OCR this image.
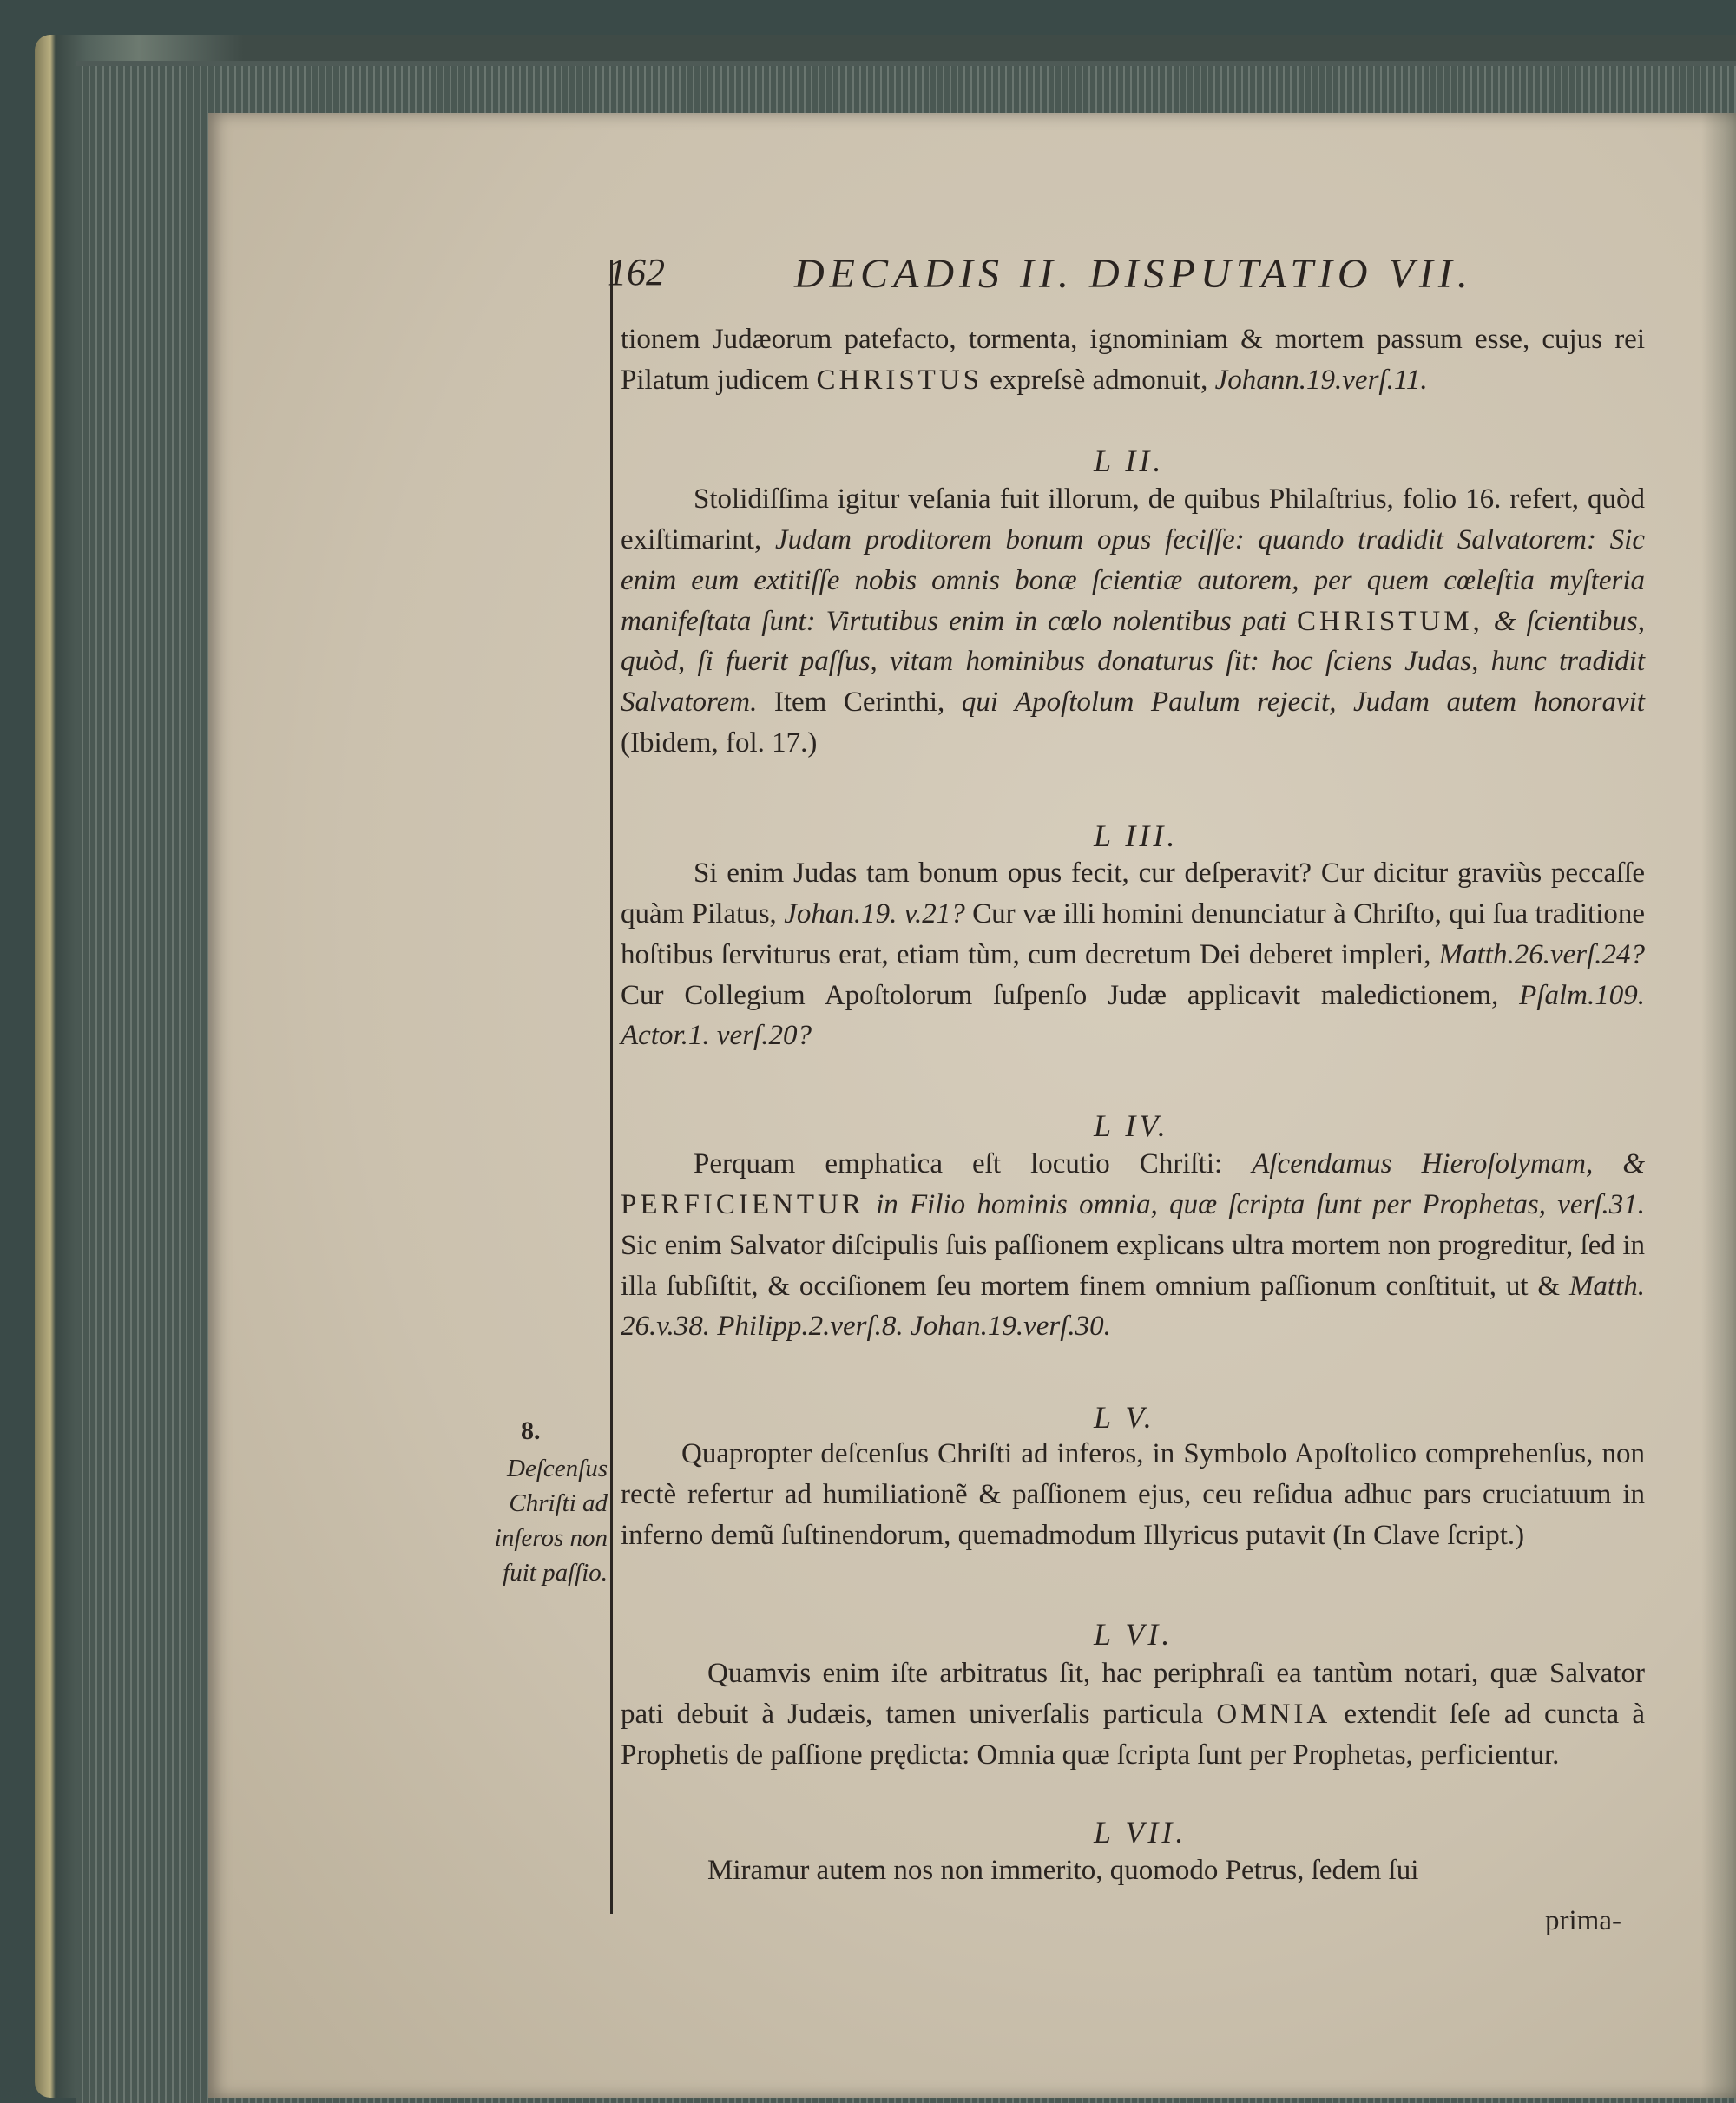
162	DECADIS II. DISPUTATIO VII.

tionem Judæorum patefacto, tormenta, ignominiam & mortem passum esse, cujus rei Pilatum judicem CHRISTUS expreſsè admonuit, Johann.19.verſ.11.

L II.

Stolidiſſima igitur veſania fuit illorum, de quibus Philaſtrius, folio 16. refert, quòd exiſtimarint, Judam proditorem bonum opus feciſſe: quando tradidit Salvatorem: Sic enim eum extitiſſe nobis omnis bonæ ſcientiæ autorem, per quem cœleſtia myſteria manifeſtata ſunt: Virtutibus enim in cœlo nolentibus pati CHRISTUM, & ſcientibus, quòd, ſi fuerit paſſus, vitam hominibus donaturus ſit: hoc ſciens Judas, hunc tradidit Salvatorem. Item Cerinthi, qui Apoſtolum Paulum rejecit, Judam autem honoravit (Ibidem, fol. 17.)

L III.

Si enim Judas tam bonum opus fecit, cur deſperavit? Cur dicitur graviùs peccaſſe quàm Pilatus, Johan.19. v.21? Cur væ illi homini denunciatur à Chriſto, qui ſua traditione hoſtibus ſerviturus erat, etiam tùm, cum decretum Dei deberet impleri, Matth.26.verſ.24? Cur Collegium Apoſtolorum ſuſpenſo Judæ applicavit maledictionem, Pſalm.109. Actor.1. verſ.20?

L IV.

Perquam emphatica eſt locutio Chriſti: Aſcendamus Hieroſolymam, & PERFICIENTUR in Filio hominis omnia, quæ ſcripta ſunt per Prophetas, verſ.31. Sic enim Salvator diſcipulis ſuis paſſionem explicans ultra mortem non progreditur, ſed in illa ſubſiſtit, & occiſionem ſeu mortem finem omnium paſſionum conſtituit, ut & Matth. 26.v.38. Philipp.2.verſ.8. Johan.19.verſ.30.

8.

Deſcenſus Chriſti ad inferos non fuit paſſio.

L V.

Quapropter deſcenſus Chriſti ad inferos, in Symbolo Apoſtolico comprehenſus, non rectè refertur ad humiliationẽ & paſſionem ejus, ceu reſidua adhuc pars cruciatuum in inferno demũ ſuſtinendorum, quemadmodum Illyricus putavit (In Clave ſcript.)

L VI.

Quamvis enim iſte arbitratus ſit, hac periphraſi ea tantùm notari, quæ Salvator pati debuit à Judæis, tamen univerſalis particula OMNIA extendit ſeſe ad cuncta à Prophetis de paſſione prędicta: Omnia quæ ſcripta ſunt per Prophetas, perficientur.

L VII.

Miramur autem nos non immerito, quomodo Petrus, ſedem ſui

prima-
